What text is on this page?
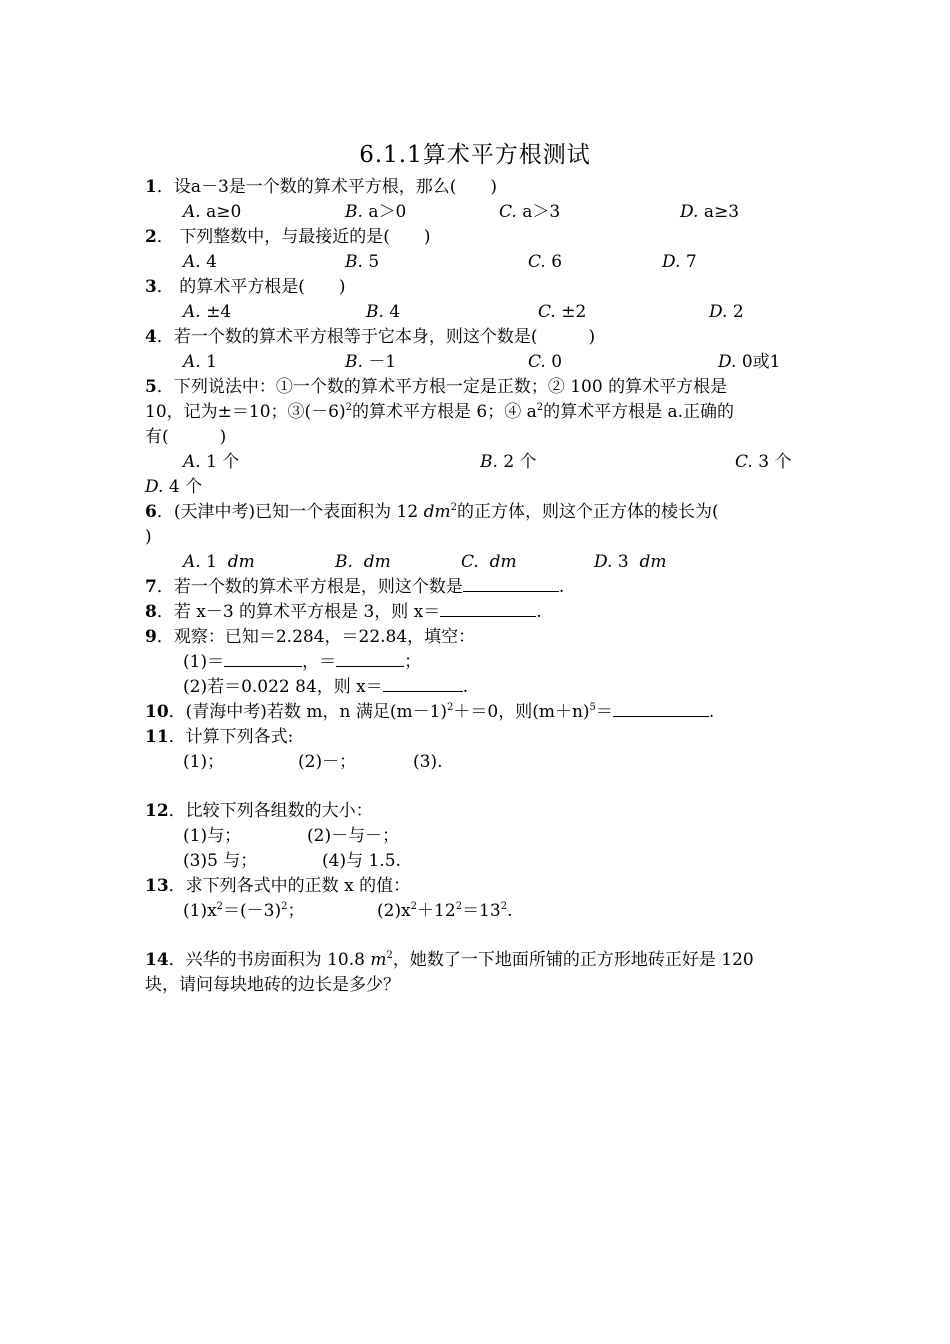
6.1.1算术平方根测试
1．设a－3是一个数的算术平方根，那么(　　)
A. a≥0	B. a＞0	C. a＞3	D. a≥3
2． 下列整数中，与最接近的是(　　)
A. 4	B. 5	C. 6	D. 7
3． 的算术平方根是(　　)
A. ±4	B. 4	C. ±2	D. 2
4．若一个数的算术平方根等于它本身，则这个数是(　　　)
A. 1	B. －1	C. 0	D. 0或1
5．下列说法中：①一个数的算术平方根一定是正数；② 100 的算术平方根是
10，记为±＝10；$③(-6)^2$的算术平方根是 6；④ $a^2$的算术平方根是 a.正确的
有(　　　)
A. 1 个	B. 2 个	C. 3 个
D. 4 个
6．(天津中考)已知一个表面积为 12 $dm^2$的正方体，则这个正方体的棱长为(
)
A. 1 dm	B. dm	C. dm	D. 3 dm
7．若一个数的算术平方根是，则这个数是	.
8．若 x－3 的算术平方根是 3，则 x＝	.
9．观察：已知＝2.284，＝22.84，填空：
(1)＝	，＝	；
(2)若＝0.022 84，则 x＝	.
10．(青海中考)若数 m，n 满足$(m-1)^2+=0$，则$(m+n)^5=$	.
11．计算下列各式:
(1)；	(2)－；	(3).
12．比较下列各组数的大小：
(1)与；	(2)－与－；
(3)5 与；	(4)与 1.5.
13．求下列各式中的正数 x 的值：
$(1)x^2=(-3)^2$；	$(2)x^2+12^2=13^2$.
14．兴华的书房面积为 10.8 $m^2$，她数了一下地面所铺的正方形地砖正好是 120
块，请问每块地砖的边长是多少？
